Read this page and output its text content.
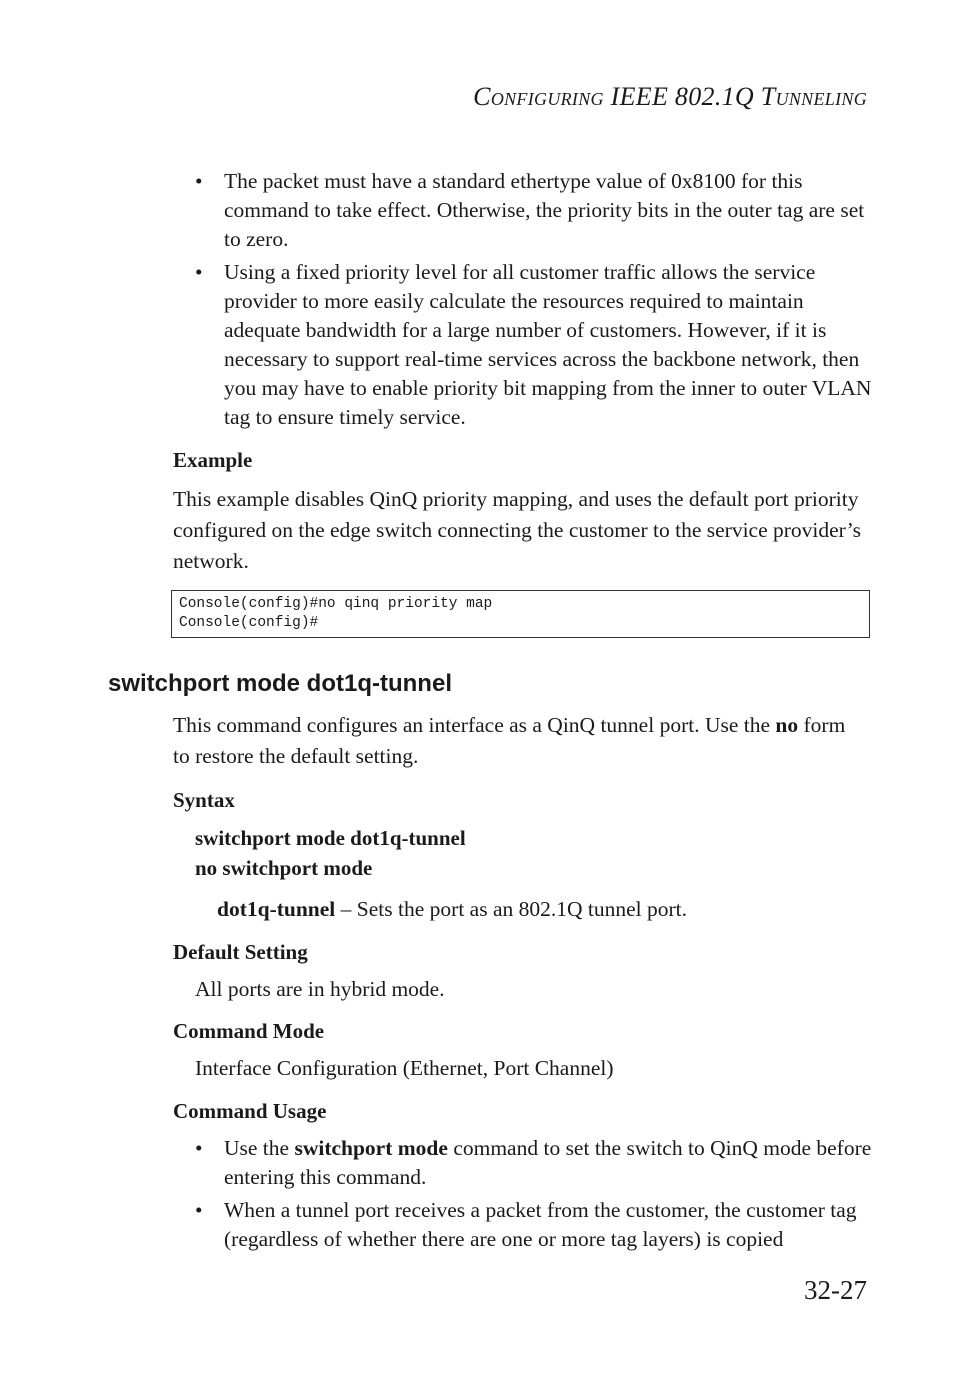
CONFIGURING IEEE 802.1Q TUNNELING
• The packet must have a standard ethertype value of 0x8100 for this command to take effect. Otherwise, the priority bits in the outer tag are set to zero.
• Using a fixed priority level for all customer traffic allows the service provider to more easily calculate the resources required to maintain adequate bandwidth for a large number of customers. However, if it is necessary to support real-time services across the backbone network, then you may have to enable priority bit mapping from the inner to outer VLAN tag to ensure timely service.
Example
This example disables QinQ priority mapping, and uses the default port priority configured on the edge switch connecting the customer to the service provider’s network.
Console(config)#no qinq priority map
Console(config)#
switchport mode dot1q-tunnel
This command configures an interface as a QinQ tunnel port. Use the no form to restore the default setting.
Syntax
switchport mode dot1q-tunnel
no switchport mode
dot1q-tunnel – Sets the port as an 802.1Q tunnel port.
Default Setting
All ports are in hybrid mode.
Command Mode
Interface Configuration (Ethernet, Port Channel)
Command Usage
• Use the switchport mode command to set the switch to QinQ mode before entering this command.
• When a tunnel port receives a packet from the customer, the customer tag (regardless of whether there are one or more tag layers) is copied
32-27
